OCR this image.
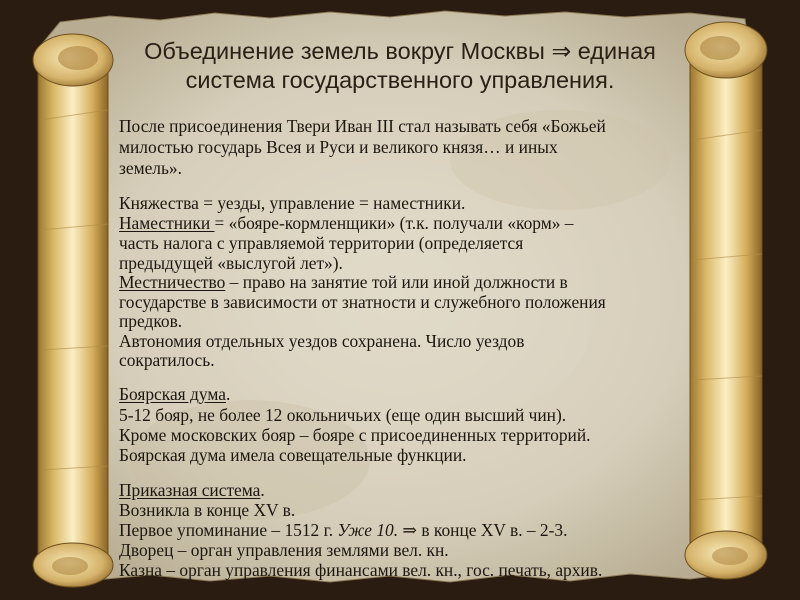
Объединение земель вокруг Москвы ⇒ единая
система государственного управления.
После присоединения Твери Иван III стал называть себя «Божьей
милостью государь Всея и Руси и великого князя… и иных
земель».
Княжества = уезды, управление = наместники.
Наместники = «бояре-кормленщики» (т.к. получали «корм» –
часть налога с управляемой территории (определяется
предыдущей «выслугой лет»).
Местничество – право на занятие той или иной должности в
государстве в зависимости от знатности и служебного положения
предков.
Автономия отдельных уездов сохранена. Число уездов
сократилось.
Боярская дума.
5-12 бояр, не более 12 окольничьих (еще один высший чин).
Кроме московских бояр – бояре с присоединенных территорий.
Боярская дума имела совещательные функции.
Приказная система.
Возникла в конце XV в.
Первое упоминание – 1512 г. Уже 10. ⇒ в конце XV в. – 2-3.
Дворец – орган управления землями вел. кн.
Казна – орган управления финансами вел. кн., гос. печать, архив.
